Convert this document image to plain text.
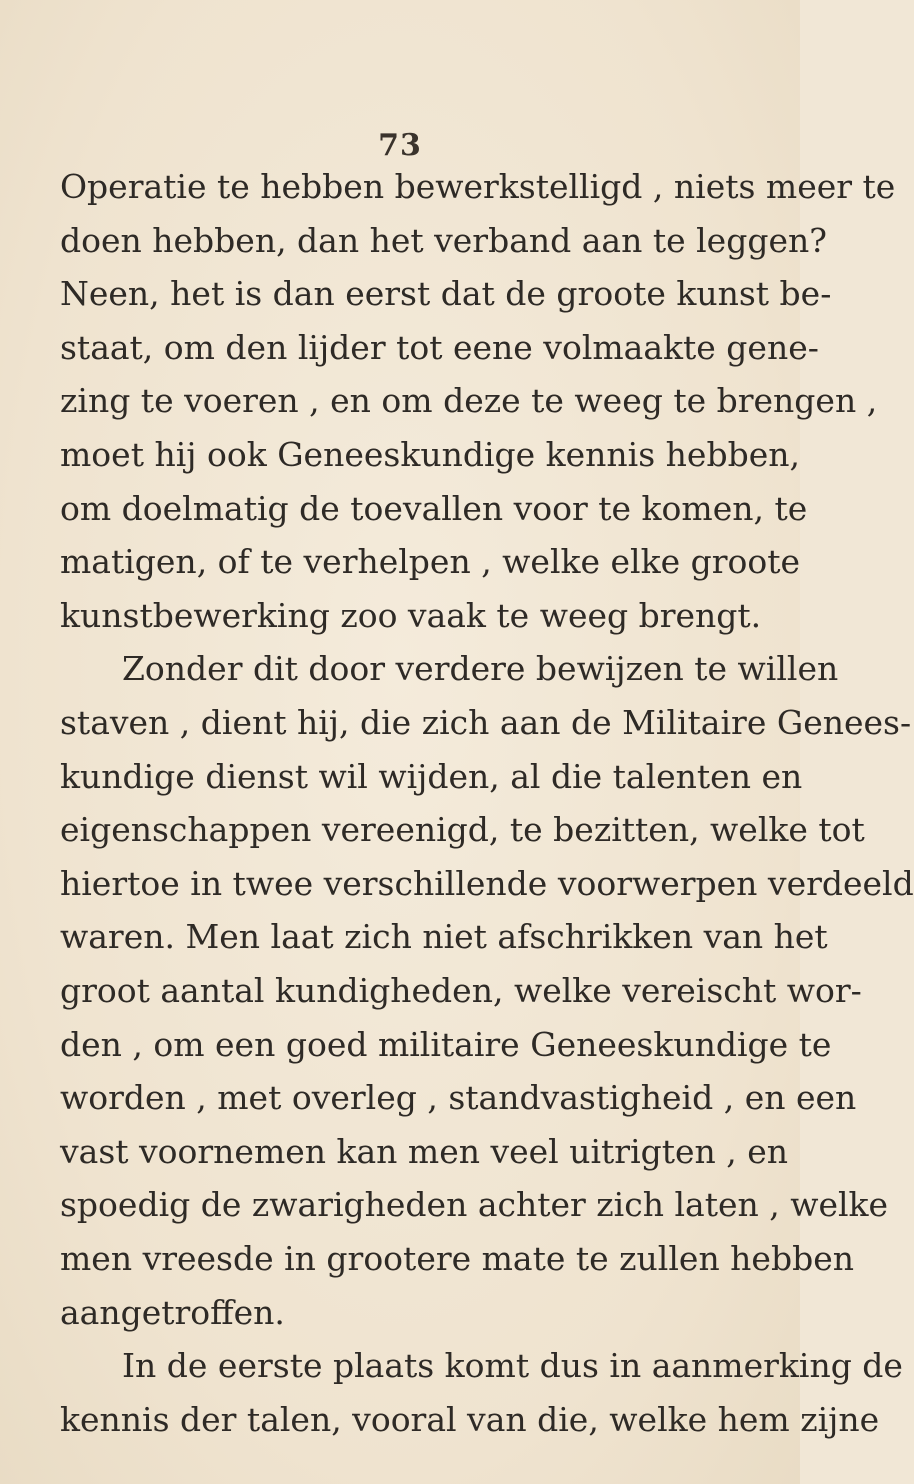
73
Operatie te hebben bewerkstelligd , niets meer te
doen hebben, dan het verband aan te leggen?
Neen, het is dan eerst dat de groote kunst be-
staat, om den lijder tot eene volmaakte gene-
zing te voeren , en om deze te weeg te brengen ,
moet hij ook Geneeskundige kennis hebben,
om doelmatig de toevallen voor te komen, te
matigen, of te verhelpen , welke elke groote
kunstbewerking zoo vaak te weeg brengt.
Zonder dit door verdere bewijzen te willen
staven , dient hij, die zich aan de Militaire Genees-
kundige dienst wil wijden, al die talenten en
eigenschappen vereenigd, te bezitten, welke tot
hiertoe in twee verschillende voorwerpen verdeeld
waren. Men laat zich niet afschrikken van het
groot aantal kundigheden, welke vereischt wor-
den , om een goed militaire Geneeskundige te
worden , met overleg , standvastigheid , en een
vast voornemen kan men veel uitrigten , en
spoedig de zwarigheden achter zich laten , welke
men vreesde in grootere mate te zullen hebben
aangetroffen.
In de eerste plaats komt dus in aanmerking de
kennis der talen, vooral van die, welke hem zijne
